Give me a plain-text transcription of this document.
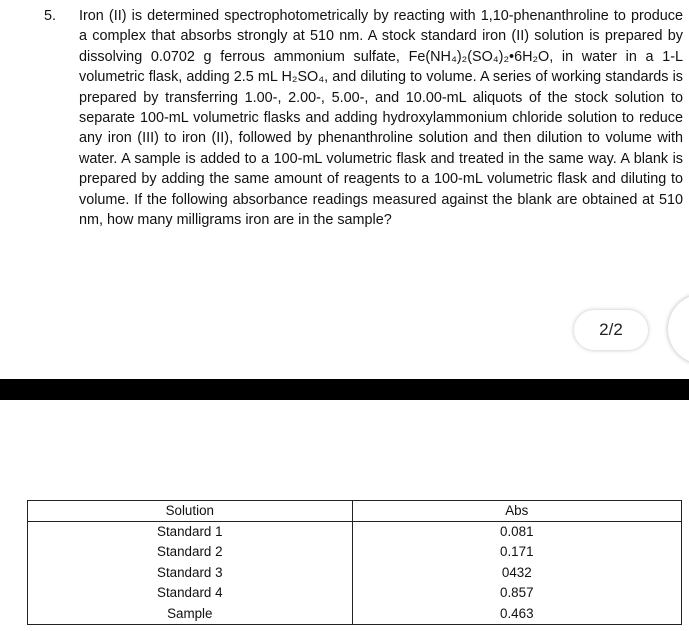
5. Iron (II) is determined spectrophotometrically by reacting with 1,10-phenanthroline to produce a complex that absorbs strongly at 510 nm. A stock standard iron (II) solution is prepared by dissolving 0.0702 g ferrous ammonium sulfate, Fe(NH₄)₂(SO₄)₂•6H₂O, in water in a 1-L volumetric flask, adding 2.5 mL H₂SO₄, and diluting to volume. A series of working standards is prepared by transferring 1.00-, 2.00-, 5.00-, and 10.00-mL aliquots of the stock solution to separate 100-mL volumetric flasks and adding hydroxylammonium chloride solution to reduce any iron (III) to iron (II), followed by phenanthroline solution and then dilution to volume with water. A sample is added to a 100-mL volumetric flask and treated in the same way. A blank is prepared by adding the same amount of reagents to a 100-mL volumetric flask and diluting to volume. If the following absorbance readings measured against the blank are obtained at 510 nm, how many milligrams iron are in the sample?
2/2
Solution	Abs
Standard 1	0.081
Standard 2	0.171
Standard 3	0432
Standard 4	0.857
Sample	0.463
